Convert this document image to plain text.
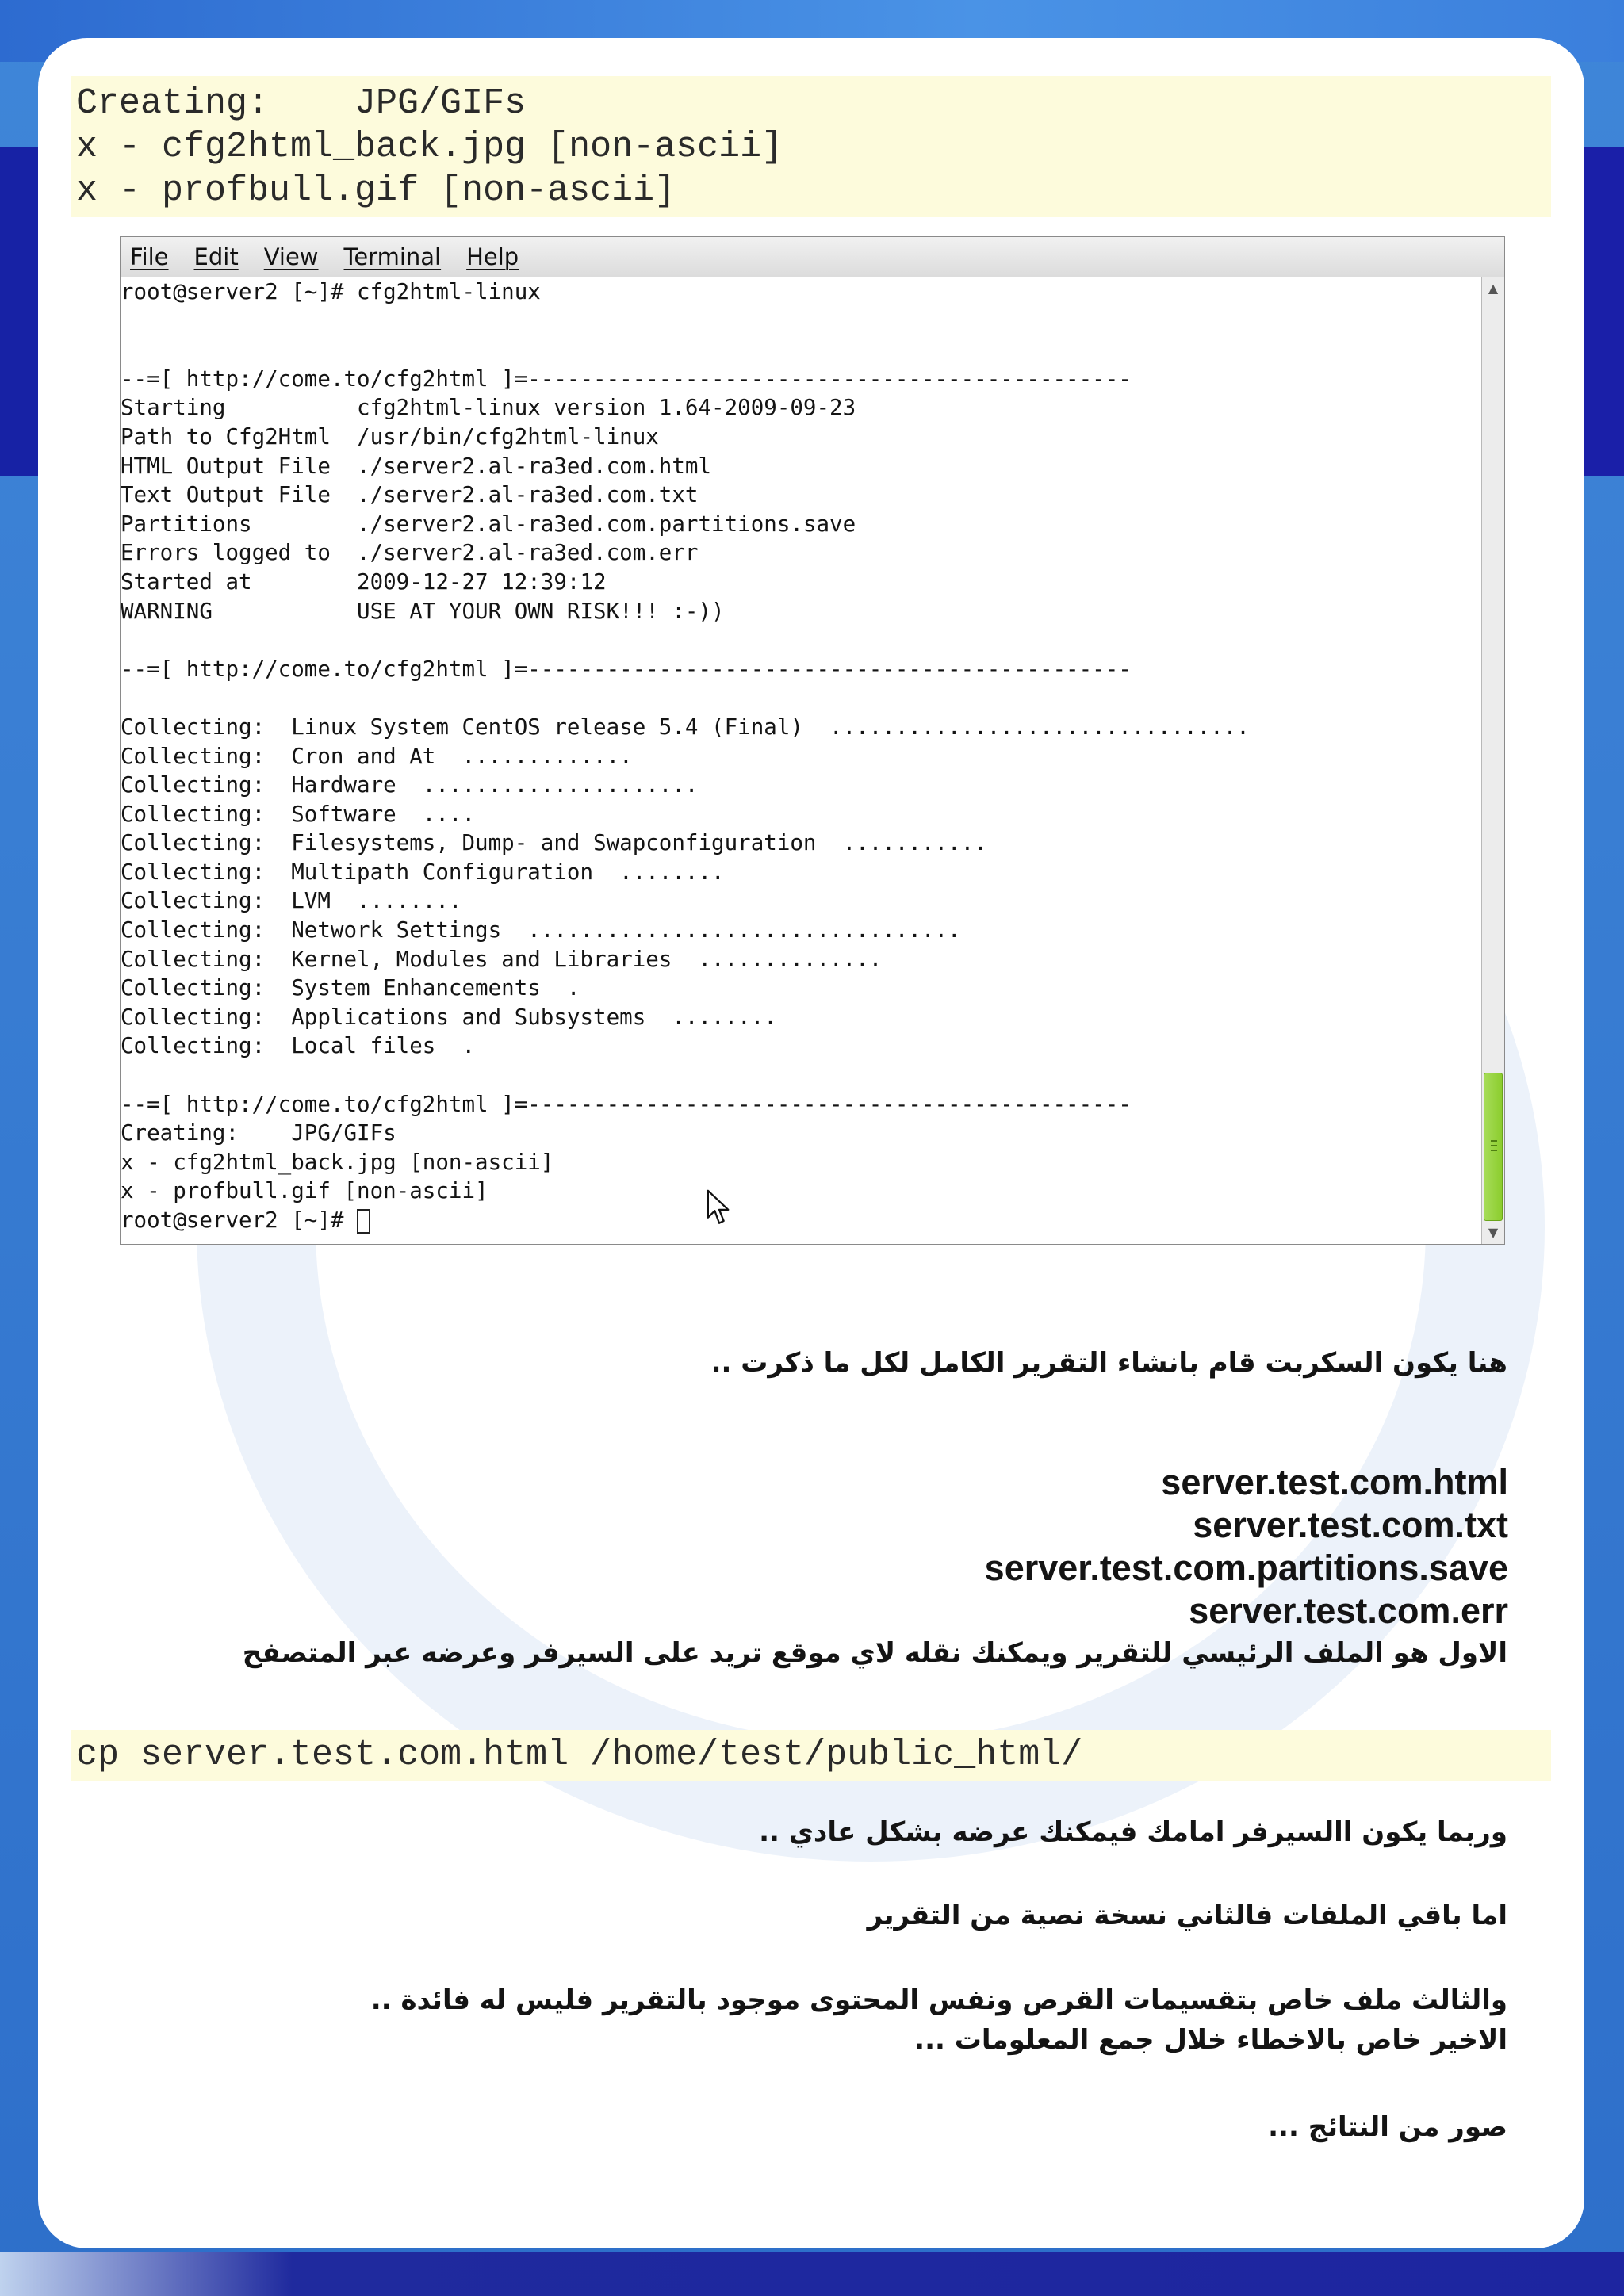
Creating:    JPG/GIFs
x - cfg2html_back.jpg [non-ascii]
x - profbull.gif [non-ascii]
File Edit View Terminal Help
root@server2 [~]# cfg2html-linux
--=[ http://come.to/cfg2html ]=----------------------------------------------
Starting          cfg2html-linux version 1.64-2009-09-23
Path to Cfg2Html  /usr/bin/cfg2html-linux
HTML Output File  ./server2.al-ra3ed.com.html
Text Output File  ./server2.al-ra3ed.com.txt
Partitions        ./server2.al-ra3ed.com.partitions.save
Errors logged to  ./server2.al-ra3ed.com.err
Started at        2009-12-27 12:39:12
WARNING           USE AT YOUR OWN RISK!!! :-))
--=[ http://come.to/cfg2html ]=----------------------------------------------
Collecting:  Linux System CentOS release 5.4 (Final)  ................................
Collecting:  Cron and At  .............
Collecting:  Hardware  .....................
Collecting:  Software  ....
Collecting:  Filesystems, Dump- and Swapconfiguration  ...........
Collecting:  Multipath Configuration  ........
Collecting:  LVM  ........
Collecting:  Network Settings  .................................
Collecting:  Kernel, Modules and Libraries  ..............
Collecting:  System Enhancements  .
Collecting:  Applications and Subsystems  ........
Collecting:  Local files  .
--=[ http://come.to/cfg2html ]=----------------------------------------------
Creating:    JPG/GIFs
x - cfg2html_back.jpg [non-ascii]
x - profbull.gif [non-ascii]
root@server2 [~]#
▲
▼
هنا يكون السكربت قام بانشاء التقرير الكامل لكل ما ذكرت ..
server.test.com.html
server.test.com.txt
server.test.com.partitions.save
server.test.com.err
الاول هو الملف الرئيسي للتقرير ويمكنك نقله لاي موقع تريد على السيرفر وعرضه عبر المتصفح
cp server.test.com.html /home/test/public_html/
وربما يكون االسيرفر امامك فيمكنك عرضه بشكل عادي ..
اما باقي الملفات فالثاني نسخة نصية من التقرير
والثالث ملف خاص بتقسيمات القرص ونفس المحتوى موجود بالتقرير فليس له فائدة ..
الاخير خاص بالاخطاء خلال جمع المعلومات ...
صور من النتائج ...
